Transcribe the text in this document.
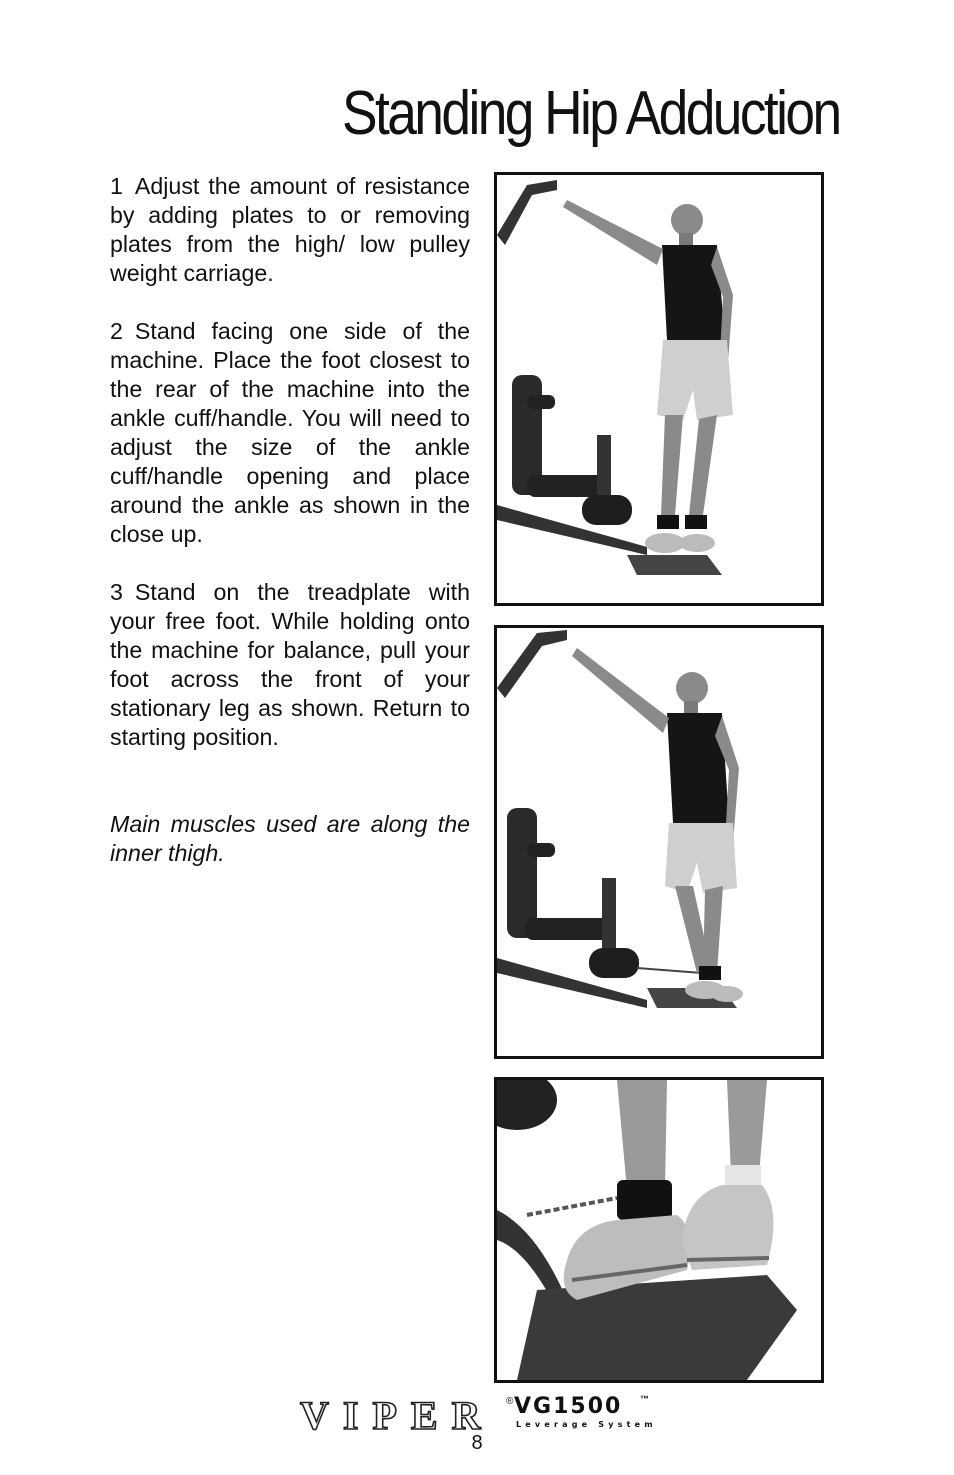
Standing Hip Adduction

1 Adjust the amount of resistance by adding plates to or removing plates from the high/ low pulley weight carriage.

2 Stand facing one side of the machine. Place the foot closest to the rear of the machine into the ankle cuff/handle. You will need to adjust the size of the ankle cuff/handle opening and place around the ankle as shown in the close up.

3 Stand on the treadplate with your free foot. While holding onto the machine for balance, pull your foot across the front of your stationary leg as shown. Return to starting position.

Main muscles used are along the inner thigh.

VIPER ® VG1500 ™
Leverage System
8
